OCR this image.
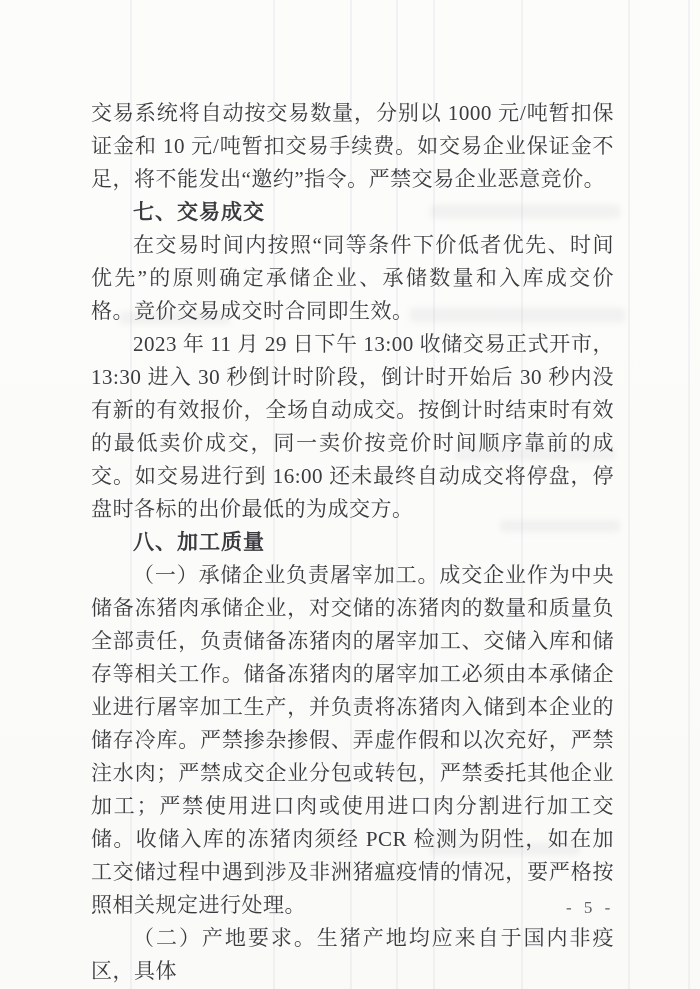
交易系统将自动按交易数量，分别以 1000 元/吨暂扣保证金和 10 元/吨暂扣交易手续费。如交易企业保证金不足，将不能发出“邀约”指令。严禁交易企业恶意竞价。

七、交易成交

在交易时间内按照“同等条件下价低者优先、时间优先”的原则确定承储企业、承储数量和入库成交价格。竞价交易成交时合同即生效。

2023 年 11 月 29 日下午 13:00 收储交易正式开市，13:30 进入 30 秒倒计时阶段，倒计时开始后 30 秒内没有新的有效报价，全场自动成交。按倒计时结束时有效的最低卖价成交，同一卖价按竞价时间顺序靠前的成交。如交易进行到 16:00 还未最终自动成交将停盘，停盘时各标的出价最低的为成交方。

八、加工质量

（一）承储企业负责屠宰加工。成交企业作为中央储备冻猪肉承储企业，对交储的冻猪肉的数量和质量负全部责任，负责储备冻猪肉的屠宰加工、交储入库和储存等相关工作。储备冻猪肉的屠宰加工必须由本承储企业进行屠宰加工生产，并负责将冻猪肉入储到本企业的储存冷库。严禁掺杂掺假、弄虚作假和以次充好，严禁注水肉；严禁成交企业分包或转包，严禁委托其他企业加工；严禁使用进口肉或使用进口肉分割进行加工交储。收储入库的冻猪肉须经 PCR 检测为阴性，如在加工交储过程中遇到涉及非洲猪瘟疫情的情况，要严格按照相关规定进行处理。

（二）产地要求。生猪产地均应来自于国内非疫区，具体

- 5 -
